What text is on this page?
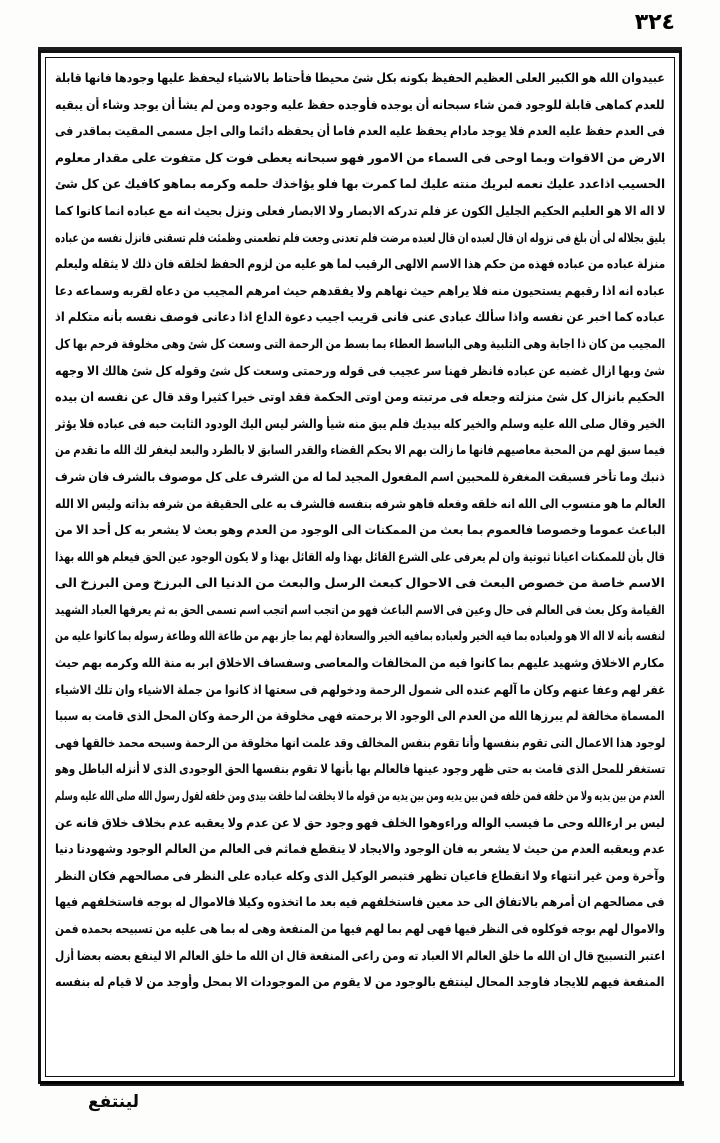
٣٢٤
عبيدوان الله هو الكبير العلى العظيم الحفيظ بكونه بكل شئ محيطا فأحتاط بالاشياء ليحفظ عليها وجودها فانها قابلة
للعدم كماهى قابلة للوجود فمن شاء سبحانه أن يوجده فأوجده حفظ عليه وجوده ومن لم يشأ أن يوجد وشاء أن يبقيه
فى العدم حفظ عليه العدم فلا يوجد مادام يحفظ عليه العدم فاما أن يحفظه دائما والى اجل مسمى المقيت بماقدر فى
الارض من الاقوات وبما اوحى فى السماء من الامور فهو سبحانه يعطى فوت كل متفوت على مقدار معلوم
الحسيب اذاعدد عليك نعمه لبريك منته عليك لما كمرت بها فلو يؤاخذك حلمه وكرمه بماهو كافيك عن كل شئ
لا اله الا هو العليم الحكيم الجليل الكون عز فلم تدركه الابصار ولا الابصار فعلى ونزل بحيث انه مع عباده انما كانوا كما
يليق بجلاله لى أن بلغ فى نزوله ان قال لعبده ان قال لعبده مرضت فلم تعدنى وجعت فلم تطعمنى وظمئت فلم تسقنى فانزل نفسه من عباده
منزلة عباده من عباده فهذه من حكم هذا الاسم الالهى الرقيب لما هو عليه من لزوم الحفظ لخلقه فان ذلك لا يثقله وليعلم
عباده انه اذا رقبهم يستحيون منه فلا يراهم حيث نهاهم ولا يفقدهم حيث امرهم المجيب من دعاه لقربه وسماعه دعا
عباده كما اخبر عن نفسه واذا سألك عبادى عنى فانى قريب اجيب دعوة الداع اذا دعانى فوصف نفسه بأنه متكلم اذ
المجيب من كان ذا اجابة وهى التلبية وهى الباسط العطاء بما بسط من الرحمة التى وسعت كل شئ وهى مخلوقة فرحم بها كل
شئ وبها ازال غضبه عن عباده فانظر فهنا سر عجيب فى قوله ورحمتى وسعت كل شئ وقوله كل شئ هالك الا وجهه
الحكيم بانزال كل شئ منزلته وجعله فى مرتبته ومن اوتى الحكمة فقد اوتى خيرا كثيرا وقد قال عن نفسه ان بيده
الخير وقال صلى الله عليه وسلم والخير كله بيديك فلم يبق منه شيأ والشر ليس اليك الودود الثابت حبه فى عباده فلا يؤثر
فيما سبق لهم من المحبة معاصيهم فانها ما زالت بهم الا بحكم القضاء والقدر السابق لا بالطرد والبعد ليغفر لك الله ما تقدم من
ذنبك وما تأخر فسبقت المغفرة للمحبين اسم المفعول المجيد لما له من الشرف على كل موصوف بالشرف فان شرف
العالم ما هو منسوب الى الله انه خلقه وفعله فاهو شرفه بنفسه فالشرف به على الحقيقة من شرفه بذاته وليس الا الله
الباعث عموما وخصوصا فالعموم بما بعث من الممكنات الى الوجود من العدم وهو بعث لا يشعر به كل أحد الا من
قال بأن للممكنات اعيانا ثبوتية وان لم يعرفى على الشرع القائل بهذا وله القائل بهذا و لا يكون الوجود عين الحق فيعلم هو الله بهذا
الاسم خاصة من خصوص البعث فى الاحوال كبعث الرسل والبعث من الدنيا الى البرزخ ومن البرزخ الى
القيامة وكل بعث فى العالم فى حال وعين فى الاسم الباعث فهو من اتجب اسم اتجب اسم تسمى الحق به ثم يعرفها العباد الشهيد
لنفسه بأنه لا اله الا هو ولعباده بما فيه الخير ولعباده بمافيه الخير والسعادة لهم بما جاز بهم من طاعة الله وطاعة رسوله بما كانوا عليه من
مكارم الاخلاق وشهيد عليهم بما كانوا فيه من المخالفات والمعاصى وسفساف الاخلاق ابر به منة الله وكرمه بهم حيث
غفر لهم وعفا عنهم وكان ما آلهم عنده الى شمول الرحمة ودخولهم فى سعتها اذ كانوا من جملة الاشياء وان تلك الاشياء
المسماة مخالفة لم يبرزها الله من العدم الى الوجود الا برحمته فهى مخلوقة من الرحمة وكان المحل الذى قامت به سببا
لوجود هذا الاعمال التى تقوم بنفسها وأنا تقوم بنفس المخالف وقد علمت انها مخلوقة من الرحمة وسبحه محمد خالقها فهى
تستغفر للمحل الذى قامت به حتى ظهر وجود عينها فالعالم بها بأنها لا تقوم بنفسها الحق الوجودى الذى لا أنزله الباطل وهو
العدم من بين يديه ولا من خلفه فمن خلفه فمن بين يديه ومن بين يديه من قوله ما لا يخلقت لما خلقت بيدى ومن خلفه لقول رسول الله صلى الله عليه وسلم
ليس بر ارءالله وحى ما فيسب الواله وراءوهوا الخلف فهو وجود حق لا عن عدم ولا يعقبه عدم بخلاف خلاق فانه عن
عدم ويعقبه العدم من حيث لا يشعر به فان الوجود والايجاد لا ينقطع فماثم فى العالم من العالم الوجود وشهودنا دنيا
وآخرة ومن غير انتهاء ولا انقطاع فاعيان تظهر فتبصر الوكيل الذى وكله عباده على النظر فى مصالحهم فكان النظر
فى مصالحهم ان أمرهم بالاتفاق الى حد معين فاستخلفهم فيه بعد ما اتخذوه وكيلا فالاموال له بوجه فاستخلفهم فيها
والاموال لهم بوجه فوكلوه فى النظر فيها فهى لهم بما لهم فيها من المنفعة وهى له بما هى عليه من تسبيحه بحمده فمن
اعتبر التسبيح قال ان الله ما خلق العالم الا العباد ته ومن راعى المنفعة قال ان الله ما خلق العالم الا لينفع بعضه بعضا أزل
المنفعة فيهم للايجاد فاوجد المحال لينتفع بالوجود من لا يقوم من الموجودات الا بمحل وأوجد من لا قيام له بنفسه
لينتفع
